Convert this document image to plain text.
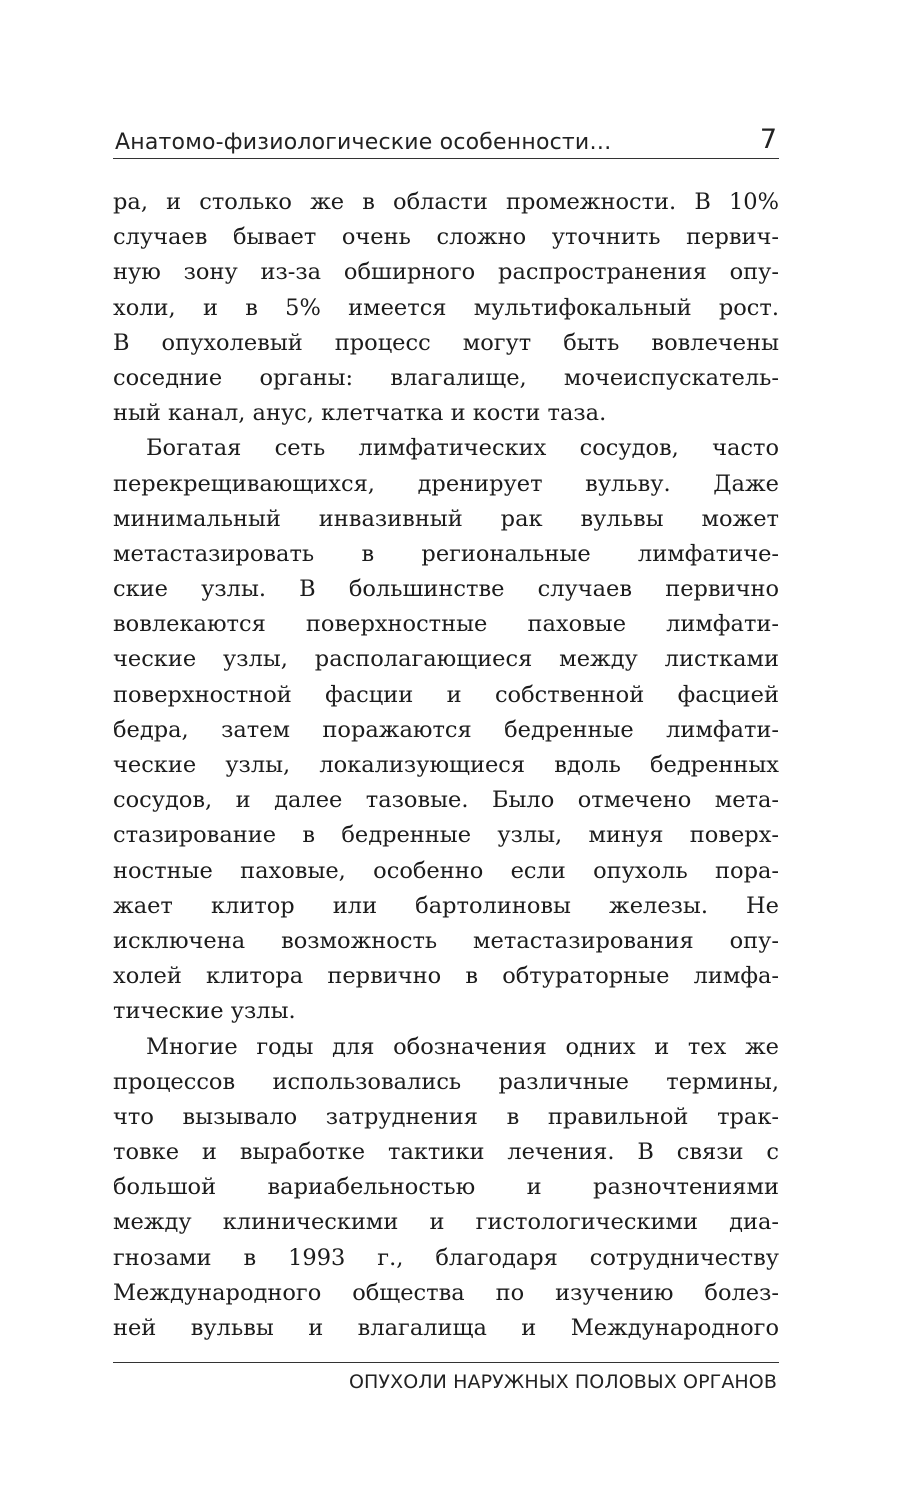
Анатомо-физиологические особенности…	7
ра, и столько же в области промежности. В 10%
случаев бывает очень сложно уточнить первич-
ную зону из-за обширного распространения опу-
холи, и в 5% имеется мультифокальный рост.
В опухолевый процесс могут быть вовлечены
соседние органы: влагалище, мочеиспускатель-
ный канал, анус, клетчатка и кости таза.
Богатая сеть лимфатических сосудов, часто
перекрещивающихся, дренирует вульву. Даже
минимальный инвазивный рак вульвы может
метастазировать в региональные лимфатиче-
ские узлы. В большинстве случаев первично
вовлекаются поверхностные паховые лимфати-
ческие узлы, располагающиеся между листками
поверхностной фасции и собственной фасцией
бедра, затем поражаются бедренные лимфати-
ческие узлы, локализующиеся вдоль бедренных
сосудов, и далее тазовые. Было отмечено мета-
стазирование в бедренные узлы, минуя поверх-
ностные паховые, особенно если опухоль пора-
жает клитор или бартолиновы железы. Не
исключена возможность метастазирования опу-
холей клитора первично в обтураторные лимфа-
тические узлы.
Многие годы для обозначения одних и тех же
процессов использовались различные термины,
что вызывало затруднения в правильной трак-
товке и выработке тактики лечения. В связи с
большой вариабельностью и разночтениями
между клиническими и гистологическими диа-
гнозами в 1993 г., благодаря сотрудничеству
Международного общества по изучению болез-
ней вульвы и влагалища и Международного
ОПУХОЛИ НАРУЖНЫХ ПОЛОВЫХ ОРГАНОВ
